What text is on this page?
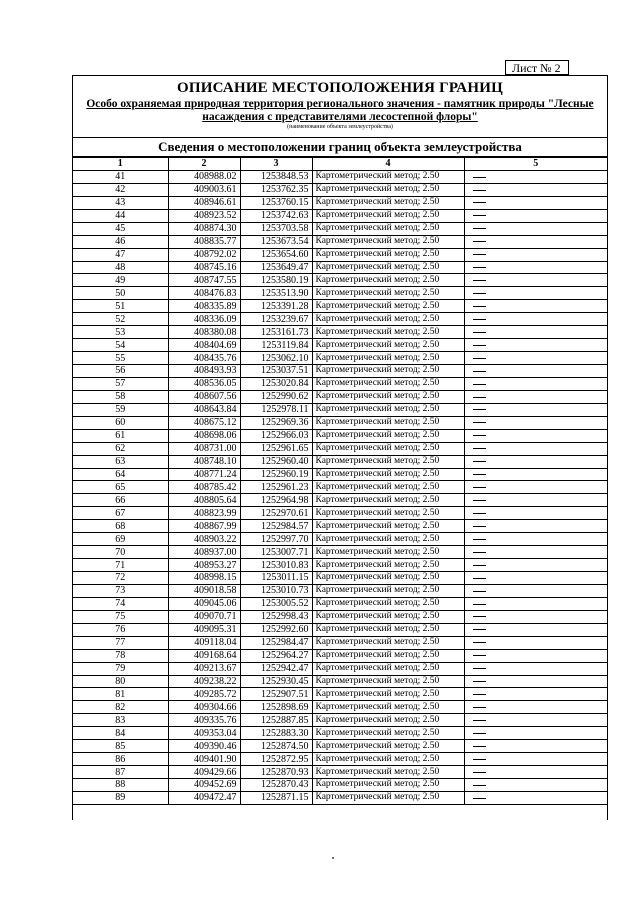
Лист № 2
ОПИСАНИЕ МЕСТОПОЛОЖЕНИЯ ГРАНИЦ
Особо охраняемая природная территория регионального значения - памятник природы "Лесные насаждения с представителями лесостепной флоры"
(наименование объекта землеустройства)
Сведения о местоположении границ объекта землеустройства
1	2	3	4	5
41	408988.02	1253848.53	Картометрический метод; 2.50	
42	409003.61	1253762.35	Картометрический метод; 2.50	
43	408946.61	1253760.15	Картометрический метод; 2.50	
44	408923.52	1253742.63	Картометрический метод; 2.50	
45	408874.30	1253703.58	Картометрический метод; 2.50	
46	408835.77	1253673.54	Картометрический метод; 2.50	
47	408792.02	1253654.60	Картометрический метод; 2.50	
48	408745.16	1253649.47	Картометрический метод; 2.50	
49	408747.55	1253580.19	Картометрический метод; 2.50	
50	408476.83	1253513.90	Картометрический метод; 2.50	
51	408335.89	1253391.28	Картометрический метод; 2.50	
52	408336.09	1253239.67	Картометрический метод; 2.50	
53	408380.08	1253161.73	Картометрический метод; 2.50	
54	408404.69	1253119.84	Картометрический метод; 2.50	
55	408435.76	1253062.10	Картометрический метод; 2.50	
56	408493.93	1253037.51	Картометрический метод; 2.50	
57	408536.05	1253020.84	Картометрический метод; 2.50	
58	408607.56	1252990.62	Картометрический метод; 2.50	
59	408643.84	1252978.11	Картометрический метод; 2.50	
60	408675.12	1252969.36	Картометрический метод; 2.50	
61	408698.06	1252966.03	Картометрический метод; 2.50	
62	408731.00	1252961.65	Картометрический метод; 2.50	
63	408748.10	1252960.40	Картометрический метод; 2.50	
64	408771.24	1252960.19	Картометрический метод; 2.50	
65	408785.42	1252961.23	Картометрический метод; 2.50	
66	408805.64	1252964.98	Картометрический метод; 2.50	
67	408823.99	1252970.61	Картометрический метод; 2.50	
68	408867.99	1252984.57	Картометрический метод; 2.50	
69	408903.22	1252997.70	Картометрический метод; 2.50	
70	408937.00	1253007.71	Картометрический метод; 2.50	
71	408953.27	1253010.83	Картометрический метод; 2.50	
72	408998.15	1253011.15	Картометрический метод; 2.50	
73	409018.58	1253010.73	Картометрический метод; 2.50	
74	409045.06	1253005.52	Картометрический метод; 2.50	
75	409070.71	1252998.43	Картометрический метод; 2.50	
76	409095.31	1252992.60	Картометрический метод; 2.50	
77	409118.04	1252984.47	Картометрический метод; 2.50	
78	409168.64	1252964.27	Картометрический метод; 2.50	
79	409213.67	1252942.47	Картометрический метод; 2.50	
80	409238.22	1252930.45	Картометрический метод; 2.50	
81	409285.72	1252907.51	Картометрический метод; 2.50	
82	409304.66	1252898.69	Картометрический метод; 2.50	
83	409335.76	1252887.85	Картометрический метод; 2.50	
84	409353.04	1252883.30	Картометрический метод; 2.50	
85	409390.46	1252874.50	Картометрический метод; 2.50	
86	409401.90	1252872.95	Картометрический метод; 2.50	
87	409429.66	1252870.93	Картометрический метод; 2.50	
88	409452.69	1252870.43	Картометрический метод; 2.50	
89	409472.47	1252871.15	Картометрический метод; 2.50	
